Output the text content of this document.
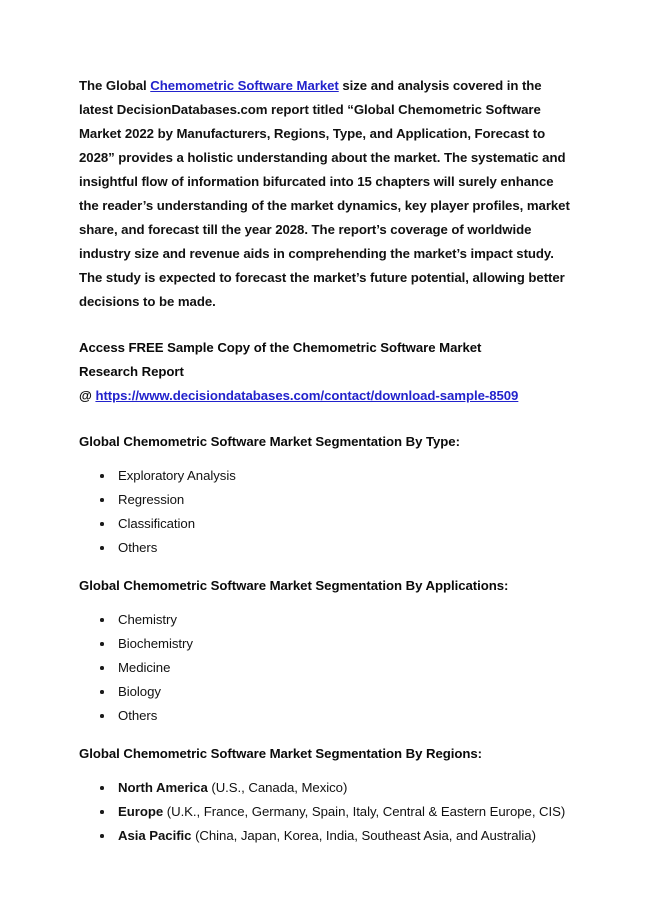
The Global Chemometric Software Market size and analysis covered in the latest DecisionDatabases.com report titled “Global Chemometric Software Market 2022 by Manufacturers, Regions, Type, and Application, Forecast to 2028” provides a holistic understanding about the market. The systematic and insightful flow of information bifurcated into 15 chapters will surely enhance the reader’s understanding of the market dynamics, key player profiles, market share, and forecast till the year 2028. The report’s coverage of worldwide industry size and revenue aids in comprehending the market’s impact study. The study is expected to forecast the market’s future potential, allowing better decisions to be made.

Access FREE Sample Copy of the Chemometric Software Market
Research Report
@ https://www.decisiondatabases.com/contact/download-sample-8509
Global Chemometric Software Market Segmentation By Type:
Exploratory Analysis
Regression
Classification
Others
Global Chemometric Software Market Segmentation By Applications:
Chemistry
Biochemistry
Medicine
Biology
Others
Global Chemometric Software Market Segmentation By Regions:
North America (U.S., Canada, Mexico)
Europe (U.K., France, Germany, Spain, Italy, Central & Eastern Europe, CIS)
Asia Pacific (China, Japan, Korea, India, Southeast Asia, and Australia)
